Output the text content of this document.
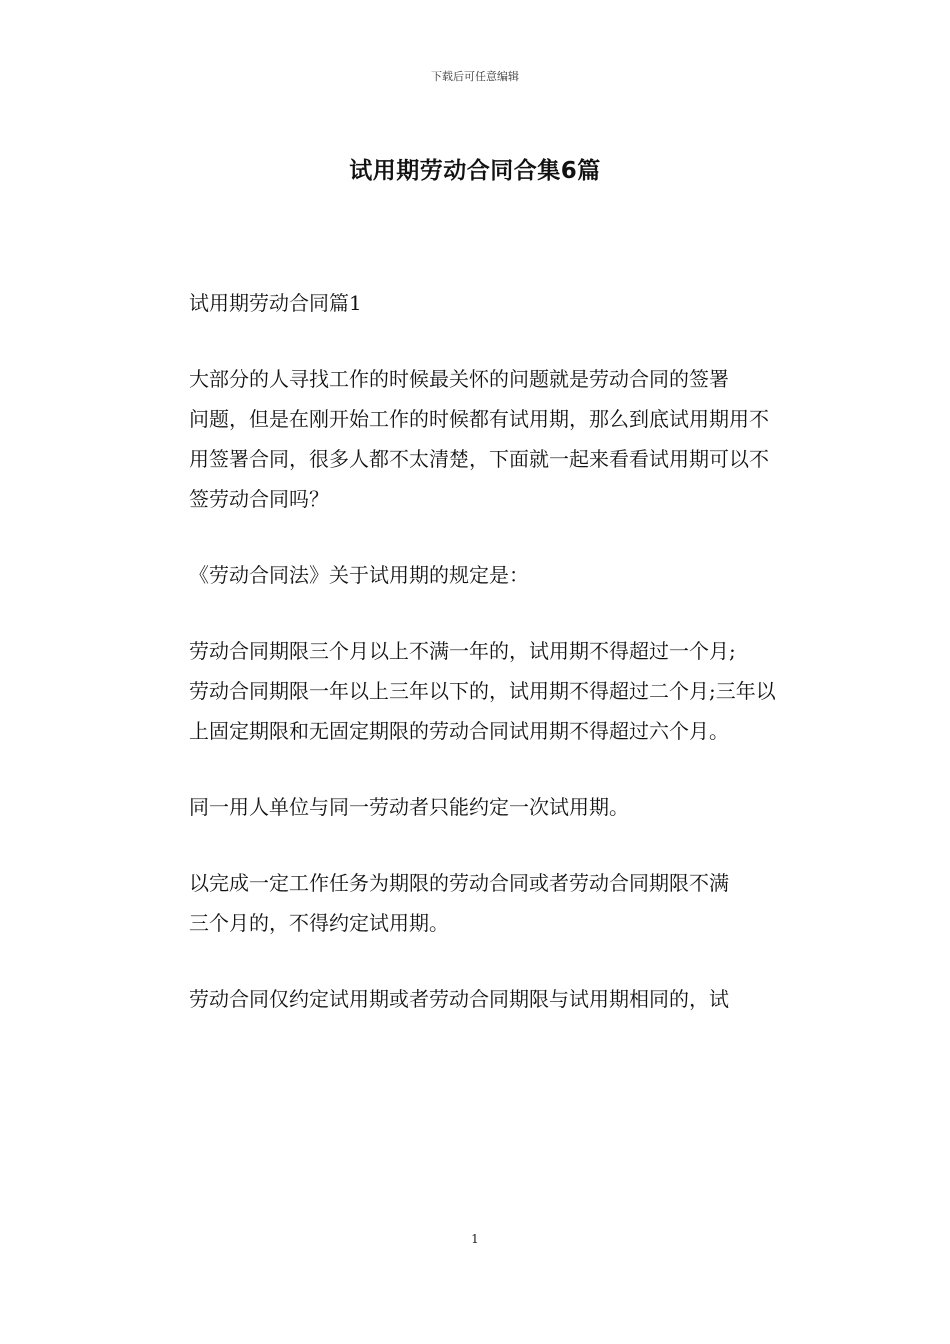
下载后可任意编辑
试用期劳动合同合集6篇

试用期劳动合同篇1

大部分的人寻找工作的时候最关怀的问题就是劳动合同的签署
问题，但是在刚开始工作的时候都有试用期，那么到底试用期用不
用签署合同，很多人都不太清楚，下面就一起来看看试用期可以不
签劳动合同吗？

《劳动合同法》关于试用期的规定是：

劳动合同期限三个月以上不满一年的，试用期不得超过一个月;
劳动合同期限一年以上三年以下的，试用期不得超过二个月;三年以
上固定期限和无固定期限的劳动合同试用期不得超过六个月。

同一用人单位与同一劳动者只能约定一次试用期。

以完成一定工作任务为期限的劳动合同或者劳动合同期限不满
三个月的，不得约定试用期。

劳动合同仅约定试用期或者劳动合同期限与试用期相同的，试

1
